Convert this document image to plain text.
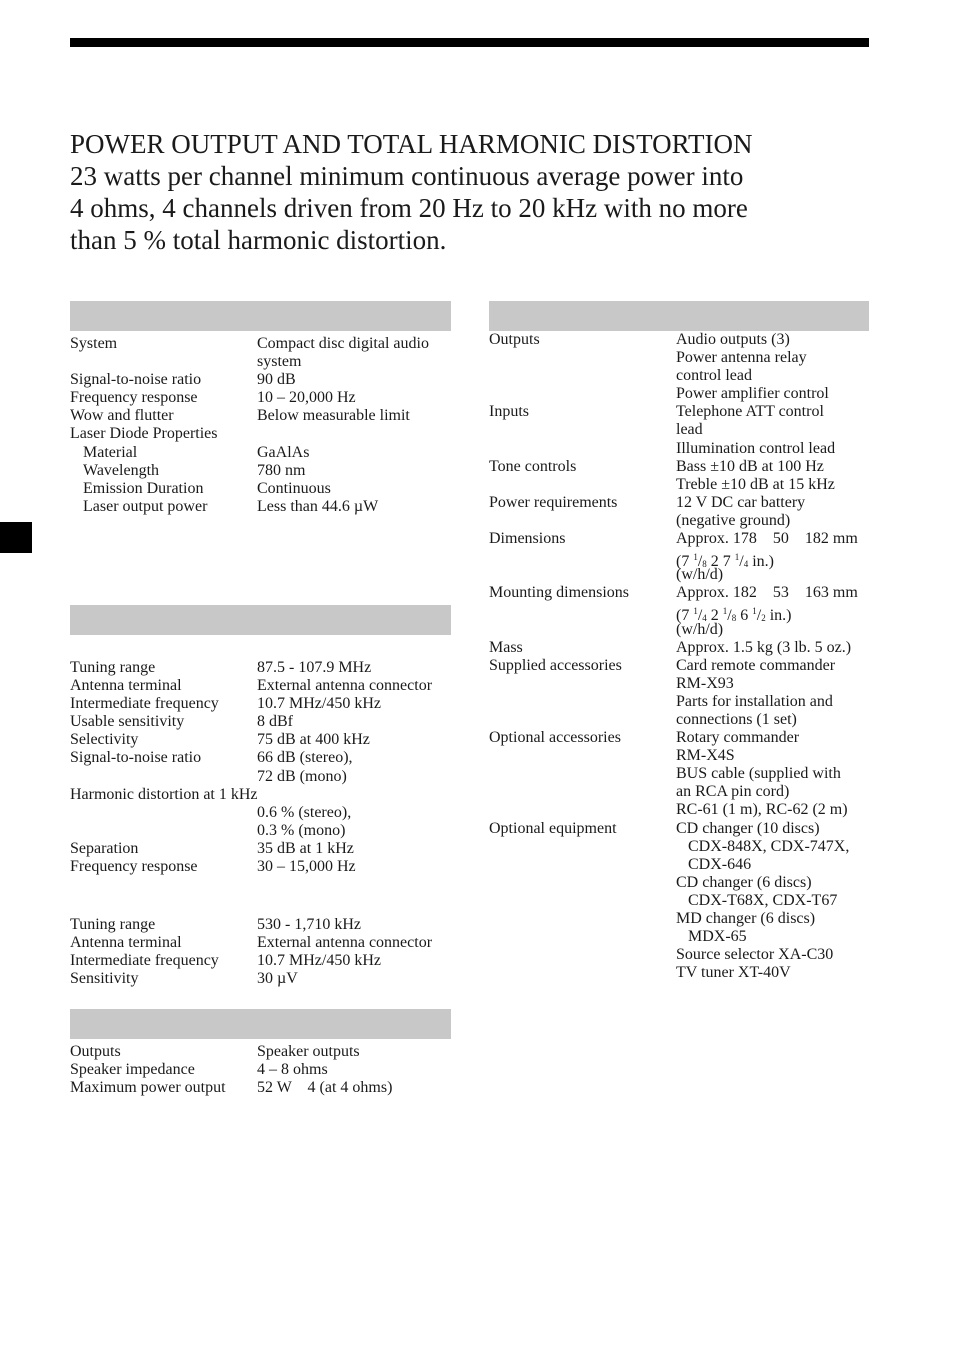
POWER OUTPUT AND TOTAL HARMONIC DISTORTION
23 watts per channel minimum continuous average power into
4 ohms, 4 channels driven from 20 Hz to 20 kHz with no more
than 5 % total harmonic distortion.
System	Compact disc digital audio
system
Signal-to-noise ratio	90 dB
Frequency response	10 – 20,000 Hz
Wow and flutter	Below measurable limit
Laser Diode Properties
Material	GaAlAs
Wavelength	780 nm
Emission Duration	Continuous
Laser output power	Less than 44.6 µW
Tuning range	87.5 - 107.9 MHz
Antenna terminal	External antenna connector
Intermediate frequency 10.7 MHz/450 kHz
Usable sensitivity	8 dBf
Selectivity	75 dB at 400 kHz
Signal-to-noise ratio	66 dB (stereo),
72 dB (mono)
Harmonic distortion at 1 kHz
0.6 % (stereo),
0.3 % (mono)
Separation	35 dB at 1 kHz
Frequency response	30 – 15,000 Hz
Tuning range	530 - 1,710 kHz
Antenna terminal	External antenna connector
Intermediate frequency 10.7 MHz/450 kHz
Sensitivity	30 µV
Outputs	Speaker outputs
Speaker impedance	4 – 8 ohms
Maximum power output 52 W    4 (at 4 ohms)
Outputs	Audio outputs (3)
Power antenna relay
control lead
Power amplifier control
Inputs	Telephone ATT control
lead
Illumination control lead
Tone controls	Bass ±10 dB at 100 Hz
Treble ±10 dB at 15 kHz
Power requirements	12 V DC car battery
(negative ground)
Dimensions	Approx. 178    50    182 mm
(7 $^1/_8$ 2 7 $^1/_4$ in.)
(w/h/d)
Mounting dimensions	Approx. 182    53    163 mm
(7 $^1/_4$ 2 $^1/_8$ 6 $^1/_2$ in.)
(w/h/d)
Mass	Approx. 1.5 kg (3 lb. 5 oz.)
Supplied accessories	Card remote commander
RM-X93
Parts for installation and
connections (1 set)
Optional accessories	Rotary commander
RM-X4S
BUS cable (supplied with
an RCA pin cord)
RC-61 (1 m), RC-62 (2 m)
Optional equipment	CD changer (10 discs)
CDX-848X, CDX-747X,
CDX-646
CD changer (6 discs)
CDX-T68X, CDX-T67
MD changer (6 discs)
MDX-65
Source selector XA-C30
TV tuner XT-40V
